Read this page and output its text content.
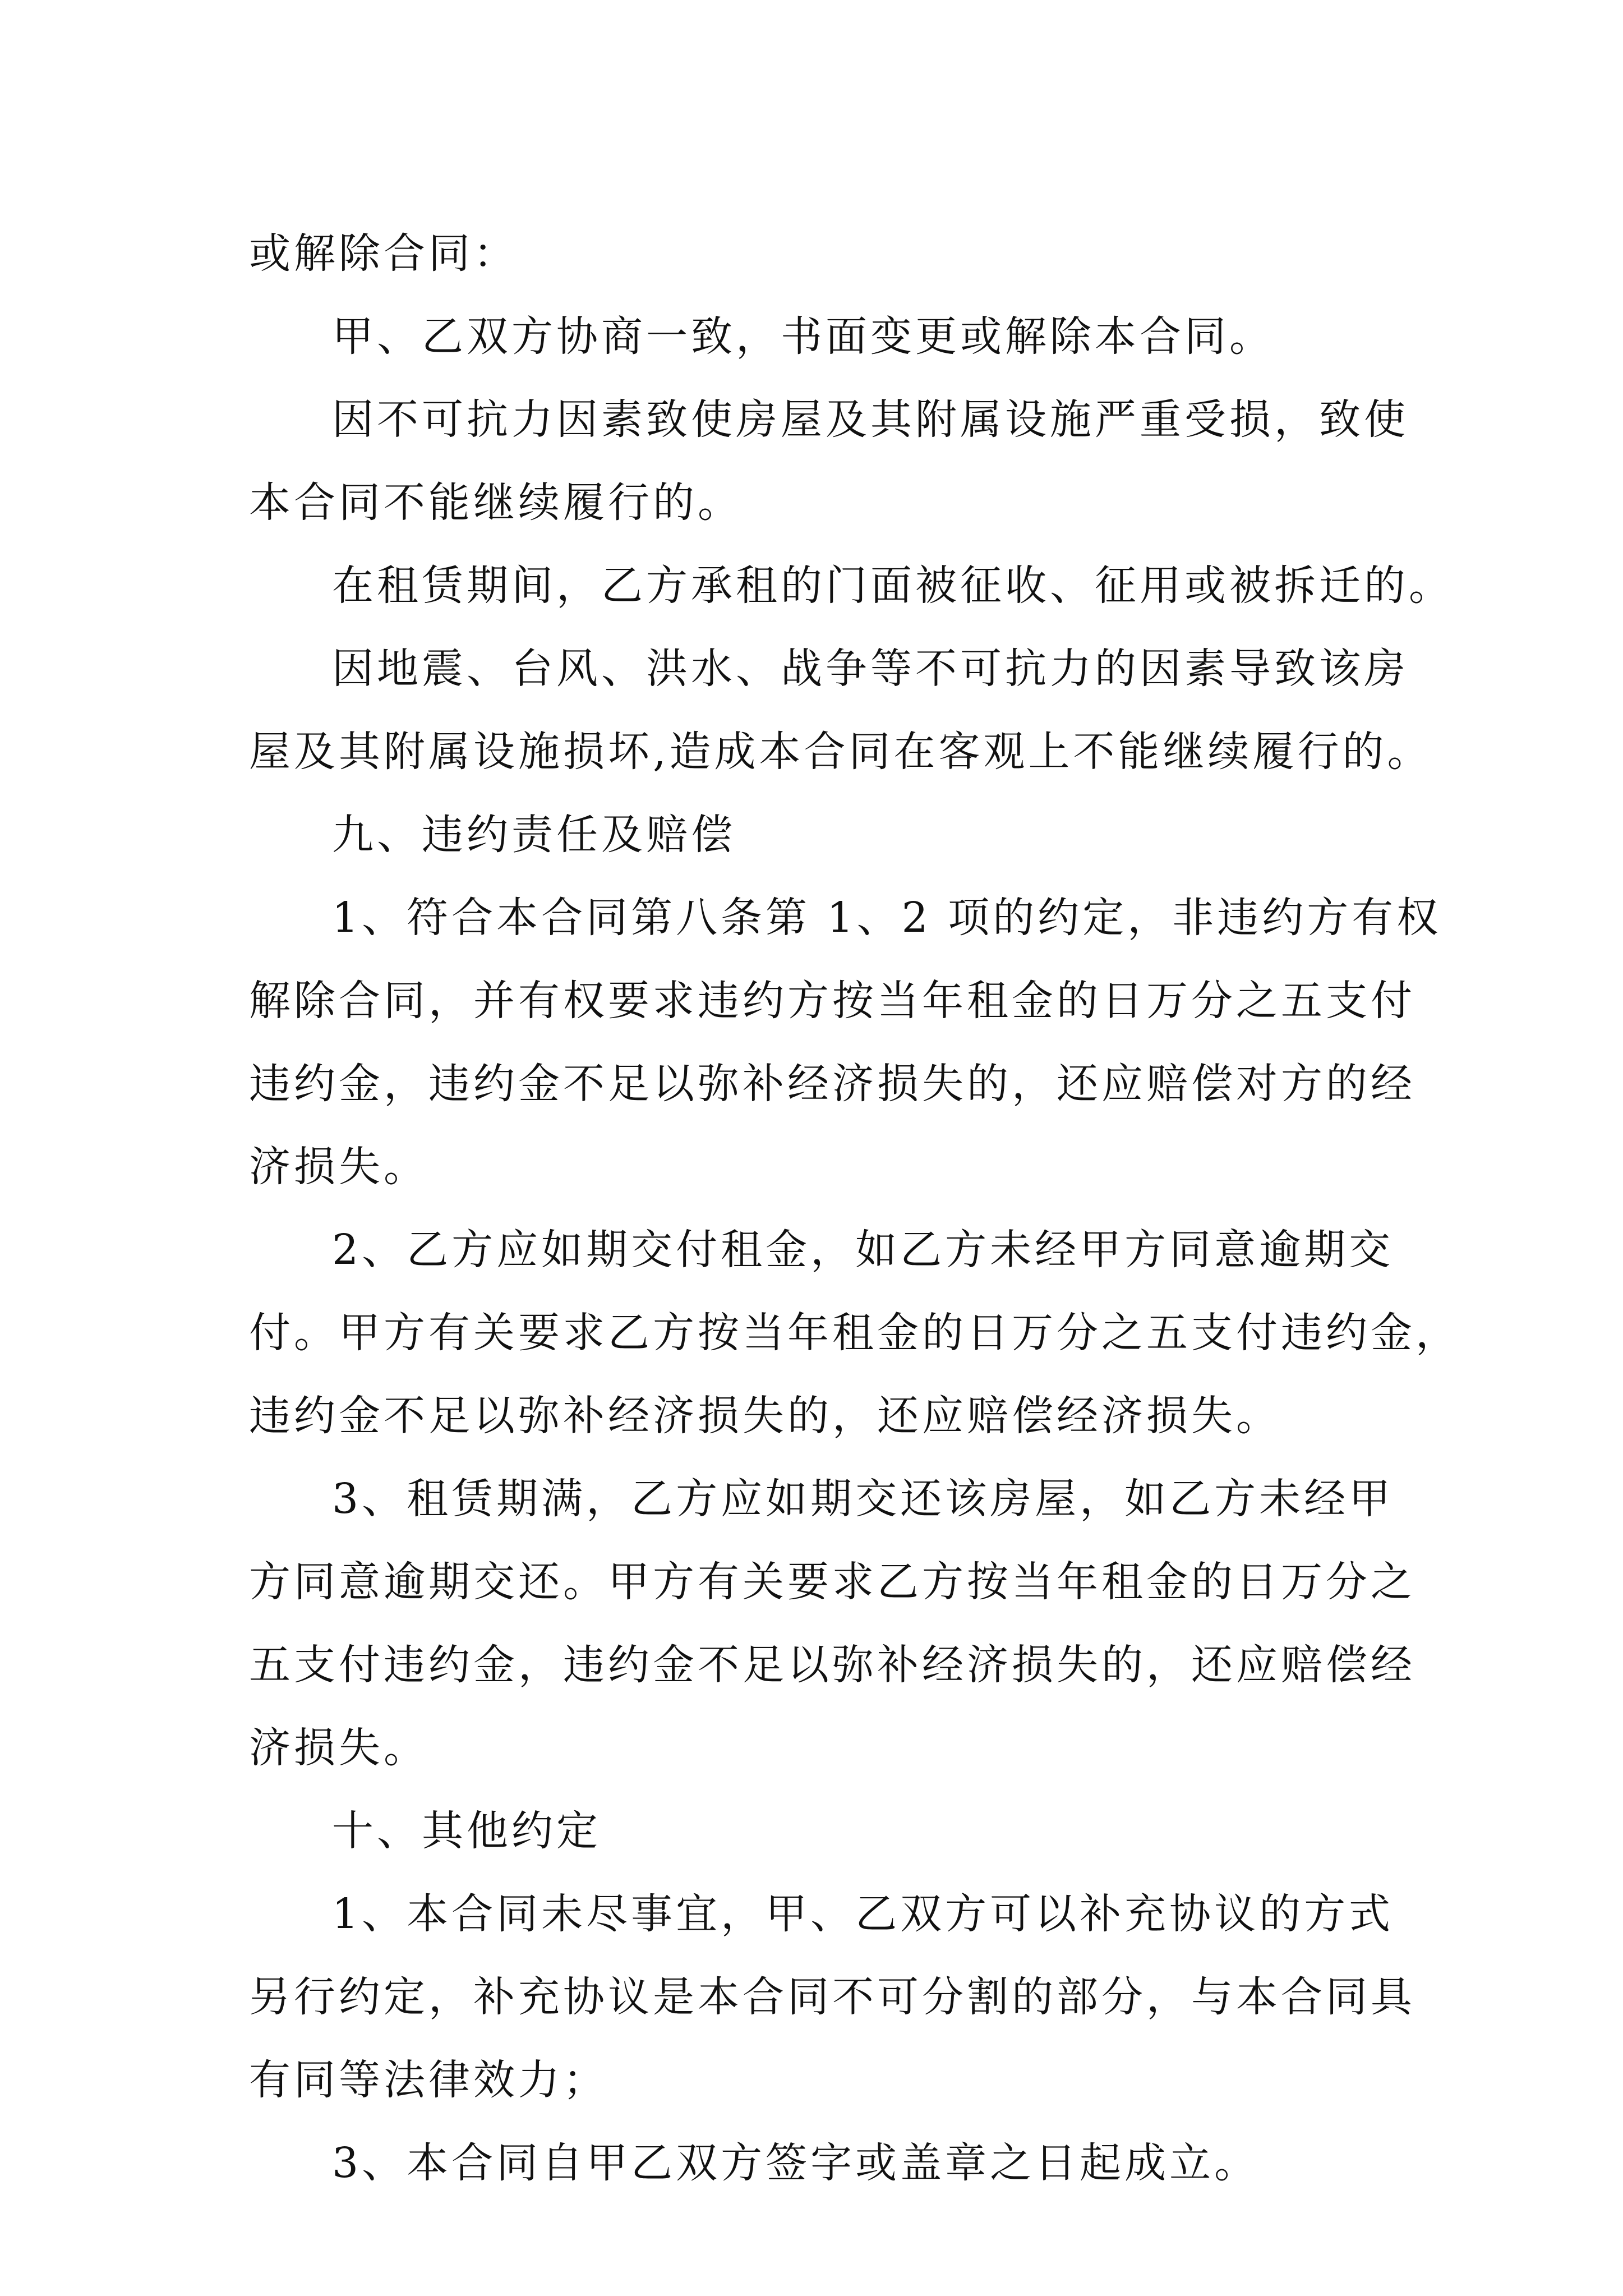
或解除合同：
甲、乙双方协商一致，书面变更或解除本合同。
因不可抗力因素致使房屋及其附属设施严重受损，致使
本合同不能继续履行的。
在租赁期间，乙方承租的门面被征收、征用或被拆迁的。
因地震、台风、洪水、战争等不可抗力的因素导致该房
屋及其附属设施损坏,造成本合同在客观上不能继续履行的。
九、违约责任及赔偿
1、符合本合同第八条第 1、2 项的约定，非违约方有权
解除合同，并有权要求违约方按当年租金的日万分之五支付
违约金，违约金不足以弥补经济损失的，还应赔偿对方的经
济损失。
2、乙方应如期交付租金，如乙方未经甲方同意逾期交
付。甲方有关要求乙方按当年租金的日万分之五支付违约金，
违约金不足以弥补经济损失的，还应赔偿经济损失。
3、租赁期满，乙方应如期交还该房屋，如乙方未经甲
方同意逾期交还。甲方有关要求乙方按当年租金的日万分之
五支付违约金，违约金不足以弥补经济损失的，还应赔偿经
济损失。
十、其他约定
1、本合同未尽事宜，甲、乙双方可以补充协议的方式
另行约定，补充协议是本合同不可分割的部分，与本合同具
有同等法律效力；
3、本合同自甲乙双方签字或盖章之日起成立。
